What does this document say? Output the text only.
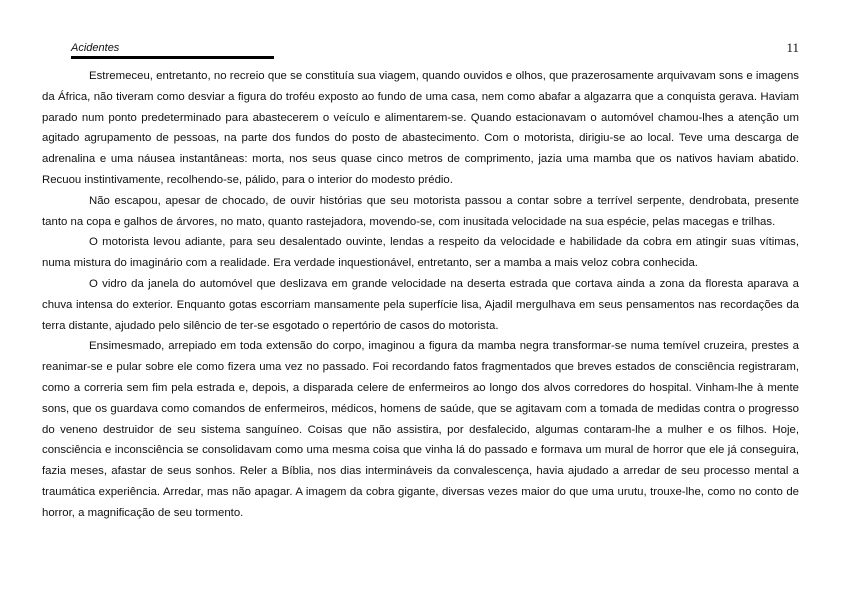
Acidentes	11

Estremeceu, entretanto, no recreio que se constituía sua viagem, quando ouvidos e olhos, que prazerosamente arquivavam sons e imagens da África, não tiveram como desviar a figura do troféu exposto ao fundo de uma casa, nem como abafar a algazarra que a conquista gerava. Haviam parado num ponto predeterminado para abastecerem o veículo e alimentarem-se. Quando estacionavam o automóvel chamou-lhes a atenção um agitado agrupamento de pessoas, na parte dos fundos do posto de abastecimento. Com o motorista, dirigiu-se ao local. Teve uma descarga de adrenalina e uma náusea instantâneas: morta, nos seus quase cinco metros de comprimento, jazia uma mamba que os nativos haviam abatido. Recuou instintivamente, recolhendo-se, pálido, para o interior do modesto prédio.

Não escapou, apesar de chocado, de ouvir histórias que seu motorista passou a contar sobre a terrível serpente, dendrobata, presente tanto na copa e galhos de árvores, no mato, quanto rastejadora, movendo-se, com inusitada velocidade na sua espécie, pelas macegas e trilhas.

O motorista levou adiante, para seu desalentado ouvinte, lendas a respeito da velocidade e habilidade da cobra em atingir suas vítimas, numa mistura do imaginário com a realidade. Era verdade inquestionável, entretanto, ser a mamba a mais veloz cobra conhecida.

O vidro da janela do automóvel que deslizava em grande velocidade na deserta estrada que cortava ainda a zona da floresta aparava a chuva intensa do exterior. Enquanto gotas escorriam mansamente pela superfície lisa, Ajadil mergulhava em seus pensamentos nas recordações da terra distante, ajudado pelo silêncio de ter-se esgotado o repertório de casos do motorista.

Ensimesmado, arrepiado em toda extensão do corpo, imaginou a figura da mamba negra transformar-se numa temível cruzeira, prestes a reanimar-se e pular sobre ele como fizera uma vez no passado. Foi recordando fatos fragmentados que breves estados de consciência registraram, como a correria sem fim pela estrada e, depois, a disparada celere de enfermeiros ao longo dos alvos corredores do hospital. Vinham-lhe à mente sons, que os guardava como comandos de enfermeiros, médicos, homens de saúde, que se agitavam com a tomada de medidas contra o progresso do veneno destruidor de seu sistema sanguíneo. Coisas que não assistira, por desfalecido, algumas contaram-lhe a mulher e os filhos. Hoje, consciência e inconsciência se consolidavam como uma mesma coisa que vinha lá do passado e formava um mural de horror que ele já conseguira, fazia meses, afastar de seus sonhos. Reler a Bíblia, nos dias intermináveis da convalescença, havia ajudado a arredar de seu processo mental a traumática experiência. Arredar, mas não apagar. A imagem da cobra gigante, diversas vezes maior do que uma urutu, trouxe-lhe, como no conto de horror, a magnificação de seu tormento.
